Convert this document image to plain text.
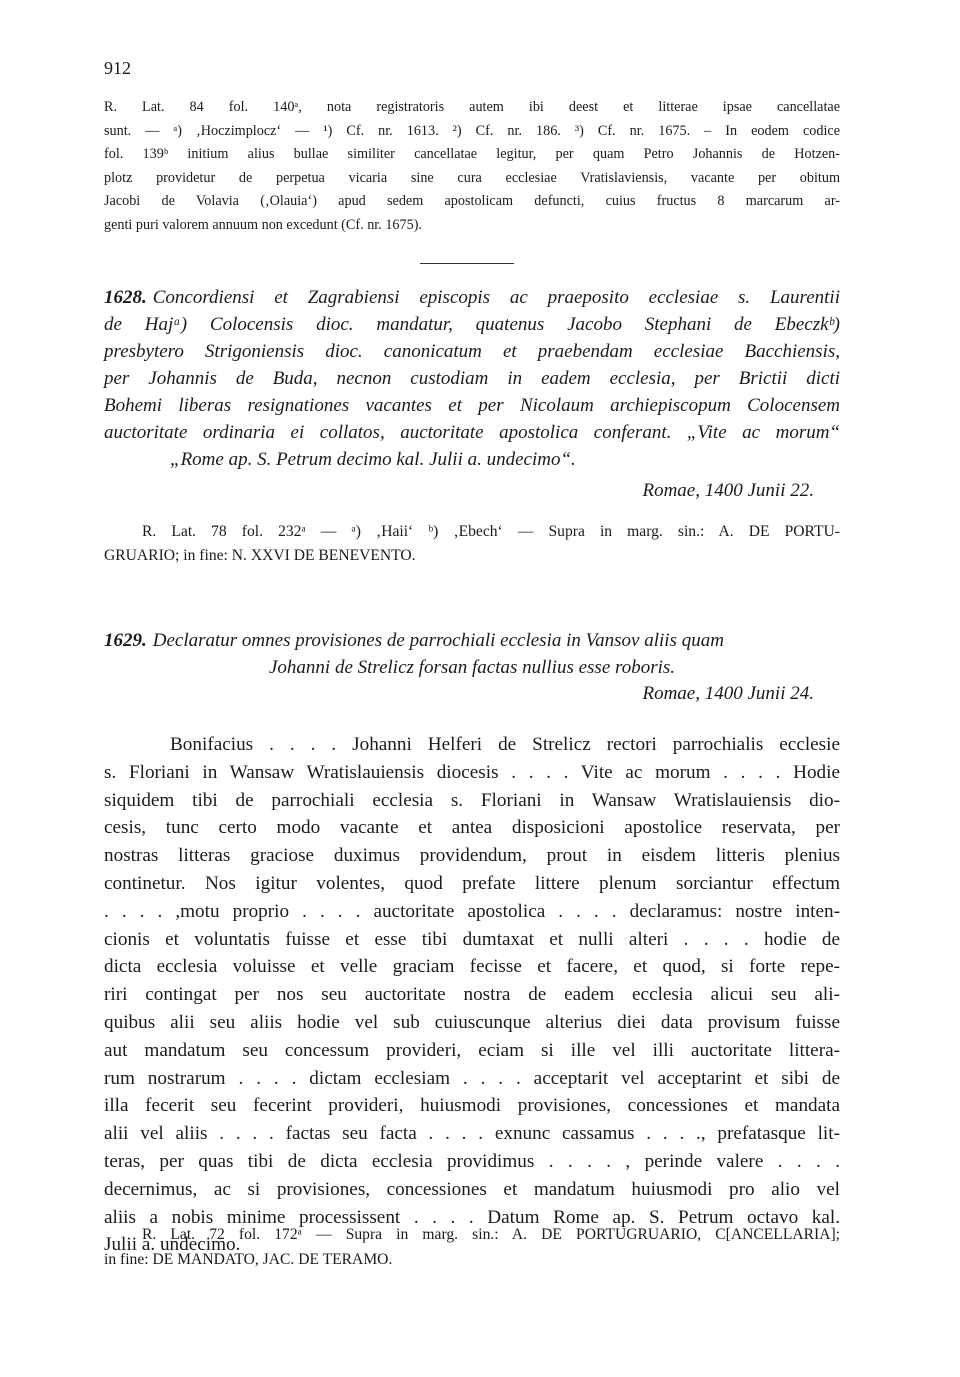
912
R. Lat. 84 fol. 140ᵃ, nota registratoris autem ibi deest et litterae ipsae cancellatae
sunt. — ᵃ) ‚Hoczimplocz‘ — ¹) Cf. nr. 1613. ²) Cf. nr. 186. ³) Cf. nr. 1675. – In eodem codice
fol. 139ᵇ initium alius bullae similiter cancellatae legitur, per quam Petro Johannis de Hotzen-
plotz providetur de perpetua vicaria sine cura ecclesiae Vratislaviensis, vacante per obitum
Jacobi de Volavia (‚Olauia‘) apud sedem apostolicam defuncti, cuius fructus 8 marcarum ar-
genti puri valorem annuum non excedunt (Cf. nr. 1675).
1628. Concordiensi et Zagrabiensi episcopis ac praeposito ecclesiae s. Laurentii
de Hajᵃ) Colocensis dioc. mandatur, quatenus Jacobo Stephani de Ebeczkᵇ)
presbytero Strigoniensis dioc. canonicatum et praebendam ecclesiae Bacchiensis,
per Johannis de Buda, necnon custodiam in eadem ecclesia, per Brictii dicti
Bohemi liberas resignationes vacantes et per Nicolaum archiepiscopum Colocensem
auctoritate ordinaria ei collatos, auctoritate apostolica conferant. „Vite ac morum“
„Rome ap. S. Petrum decimo kal. Julii a. undecimo“.
Romae, 1400 Junii 22.
R. Lat. 78 fol. 232ᵃ — ᵃ) ‚Haii‘ ᵇ) ‚Ebech‘ — Supra in marg. sin.: A. DE PORTU-
GRUARIO; in fine: N. XXVI DE BENEVENTO.
1629. Declaratur omnes provisiones de parrochiali ecclesia in Vansov aliis quam
Johanni de Strelicz forsan factas nullius esse roboris.
Romae, 1400 Junii 24.
Bonifacius . . . . Johanni Helferi de Strelicz rectori parrochialis ecclesie
s. Floriani in Wansaw Wratislauiensis diocesis . . . . Vite ac morum . . . . Hodie
siquidem tibi de parrochiali ecclesia s. Floriani in Wansaw Wratislauiensis dio-
cesis, tunc certo modo vacante et antea disposicioni apostolice reservata, per
nostras litteras graciose duximus providendum, prout in eisdem litteris plenius
continetur. Nos igitur volentes, quod prefate littere plenum sorciantur effectum
. . . . ,motu proprio . . . . auctoritate apostolica . . . . declaramus: nostre inten-
cionis et voluntatis fuisse et esse tibi dumtaxat et nulli alteri . . . . hodie de
dicta ecclesia voluisse et velle graciam fecisse et facere, et quod, si forte repe-
riri contingat per nos seu auctoritate nostra de eadem ecclesia alicui seu ali-
quibus alii seu aliis hodie vel sub cuiuscunque alterius diei data provisum fuisse
aut mandatum seu concessum provideri, eciam si ille vel illi auctoritate littera-
rum nostrarum . . . . dictam ecclesiam . . . . acceptarit vel acceptarint et sibi de
illa fecerit seu fecerint provideri, huiusmodi provisiones, concessiones et mandata
alii vel aliis . . . . factas seu facta . . . . exnunc cassamus . . . ., prefatasque lit-
teras, per quas tibi de dicta ecclesia providimus . . . . , perinde valere . . . .
decernimus, ac si provisiones, concessiones et mandatum huiusmodi pro alio vel
aliis a nobis minime processissent . . . . Datum Rome ap. S. Petrum octavo kal.
Julii a. undecimo.
R. Lat. 72 fol. 172ᵃ — Supra in marg. sin.: A. DE PORTUGRUARIO, C[ANCELLARIA];
in fine: DE MANDATO, JAC. DE TERAMO.
